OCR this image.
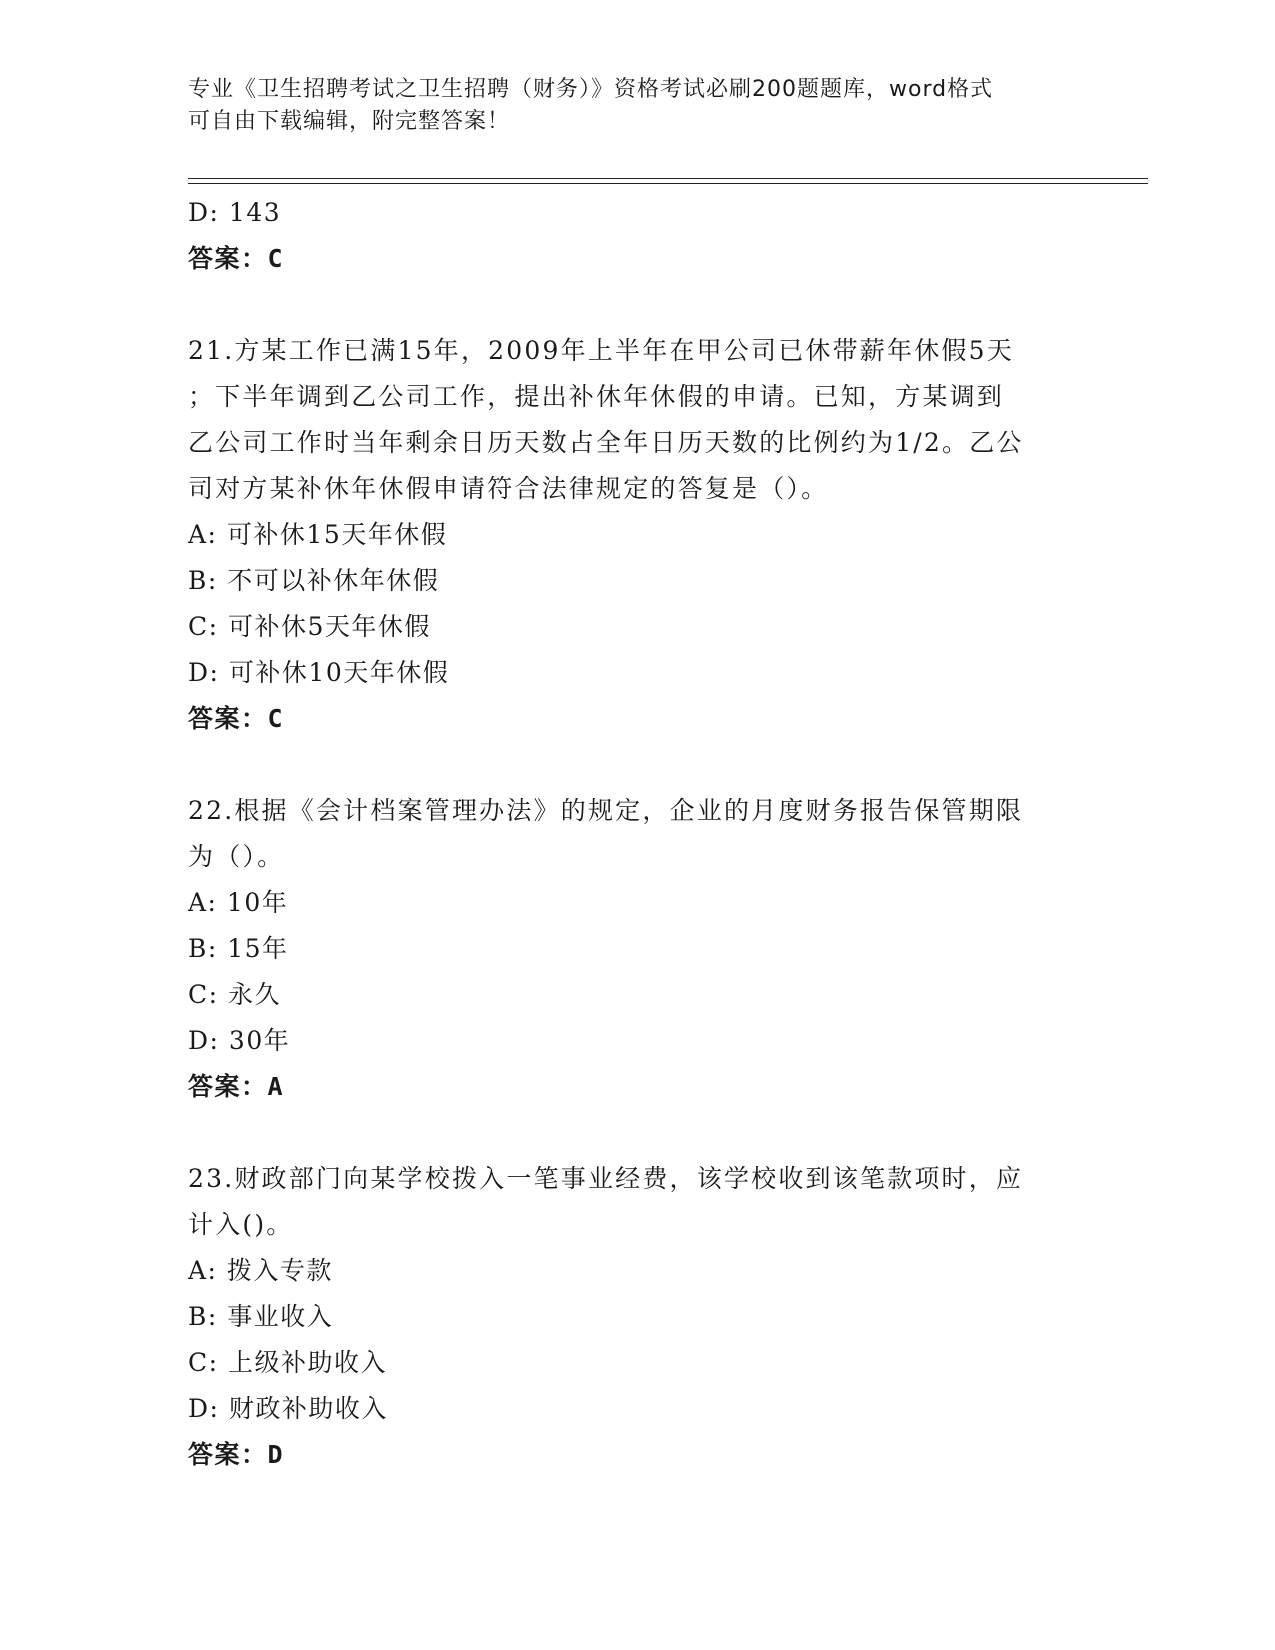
专业《卫生招聘考试之卫生招聘（财务）》资格考试必刷200题题库，word格式
可自由下载编辑，附完整答案！
D: 143
答案：C
21.方某工作已满15年，2009年上半年在甲公司已休带薪年休假5天
；下半年调到乙公司工作，提出补休年休假的申请。已知，方某调到
乙公司工作时当年剩余日历天数占全年日历天数的比例约为1/2。乙公
司对方某补休年休假申请符合法律规定的答复是（）。
A: 可补休15天年休假
B: 不可以补休年休假
C: 可补休5天年休假
D: 可补休10天年休假
答案：C
22.根据《会计档案管理办法》的规定，企业的月度财务报告保管期限
为（）。
A: 10年
B: 15年
C: 永久
D: 30年
答案：A
23.财政部门向某学校拨入一笔事业经费，该学校收到该笔款项时，应
计入()。
A: 拨入专款
B: 事业收入
C: 上级补助收入
D: 财政补助收入
答案：D
